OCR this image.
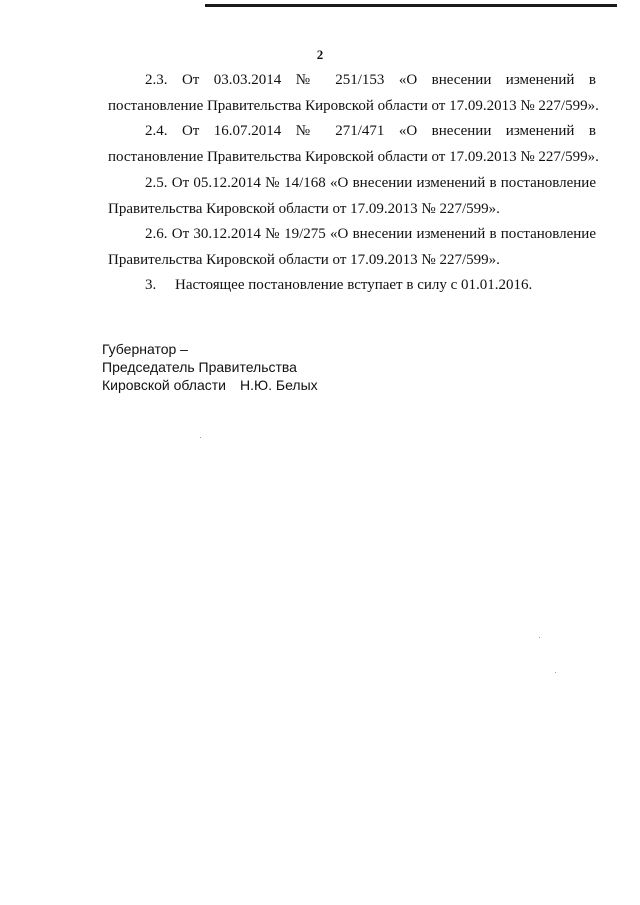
2
2.3. От 03.03.2014 № 251/153 «О внесении изменений в
постановление Правительства Кировской области от 17.09.2013 № 227/599».
2.4. От 16.07.2014 № 271/471 «О внесении изменений в
постановление Правительства Кировской области от 17.09.2013 № 227/599».
2.5. От 05.12.2014 № 14/168 «О внесении изменений в постановление
Правительства Кировской области от 17.09.2013 № 227/599».
2.6. От 30.12.2014 № 19/275 «О внесении изменений в постановление
Правительства Кировской области от 17.09.2013 № 227/599».
3. Настоящее постановление вступает в силу с 01.01.2016.
Губернатор –
Председатель Правительства
Кировской области Н.Ю. Белых
